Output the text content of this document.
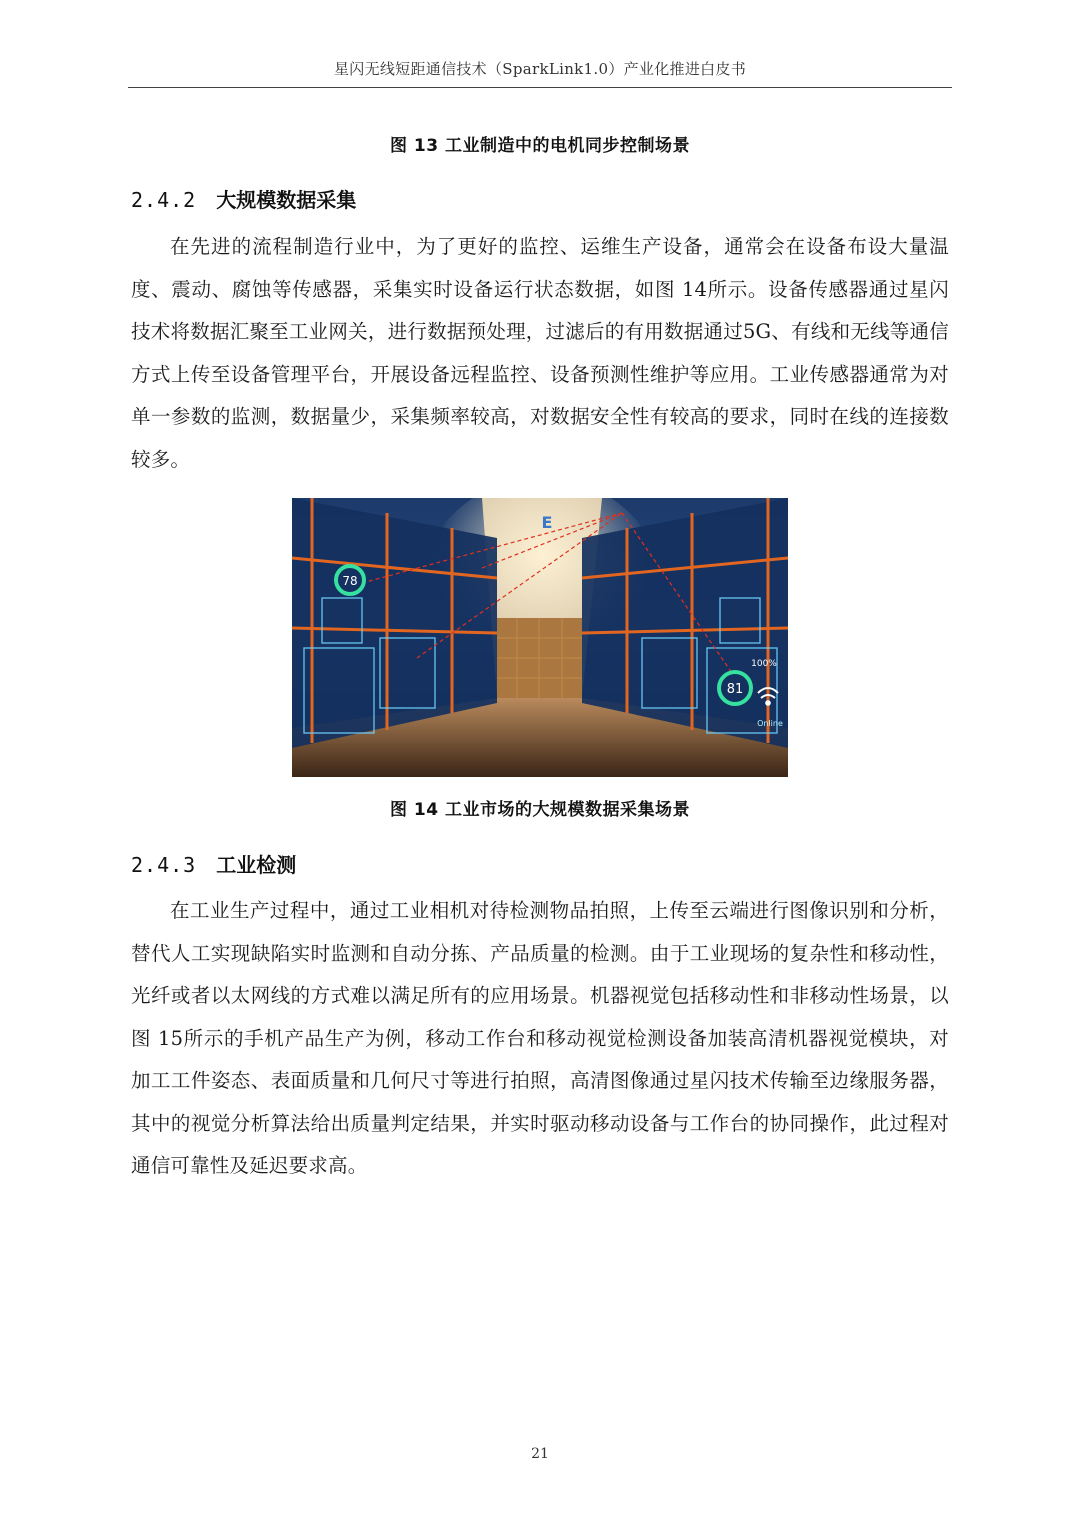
星闪无线短距通信技术（SparkLink1.0）产业化推进白皮书
图 13 工业制造中的电机同步控制场景
2.4.2 大规模数据采集
在先进的流程制造行业中，为了更好的监控、运维生产设备，通常会在设备布设大量温度、震动、腐蚀等传感器，采集实时设备运行状态数据，如图 14所示。设备传感器通过星闪技术将数据汇聚至工业网关，进行数据预处理，过滤后的有用数据通过5G、有线和无线等通信方式上传至设备管理平台，开展设备远程监控、设备预测性维护等应用。工业传感器通常为对单一参数的监测，数据量少，采集频率较高，对数据安全性有较高的要求，同时在线的连接数较多。
78
81
100%
Online
E
图 14 工业市场的大规模数据采集场景
2.4.3 工业检测
在工业生产过程中，通过工业相机对待检测物品拍照，上传至云端进行图像识别和分析，替代人工实现缺陷实时监测和自动分拣、产品质量的检测。由于工业现场的复杂性和移动性，光纤或者以太网线的方式难以满足所有的应用场景。机器视觉包括移动性和非移动性场景，以图 15所示的手机产品生产为例，移动工作台和移动视觉检测设备加装高清机器视觉模块，对加工工件姿态、表面质量和几何尺寸等进行拍照，高清图像通过星闪技术传输至边缘服务器，其中的视觉分析算法给出质量判定结果，并实时驱动移动设备与工作台的协同操作，此过程对通信可靠性及延迟要求高。
21
